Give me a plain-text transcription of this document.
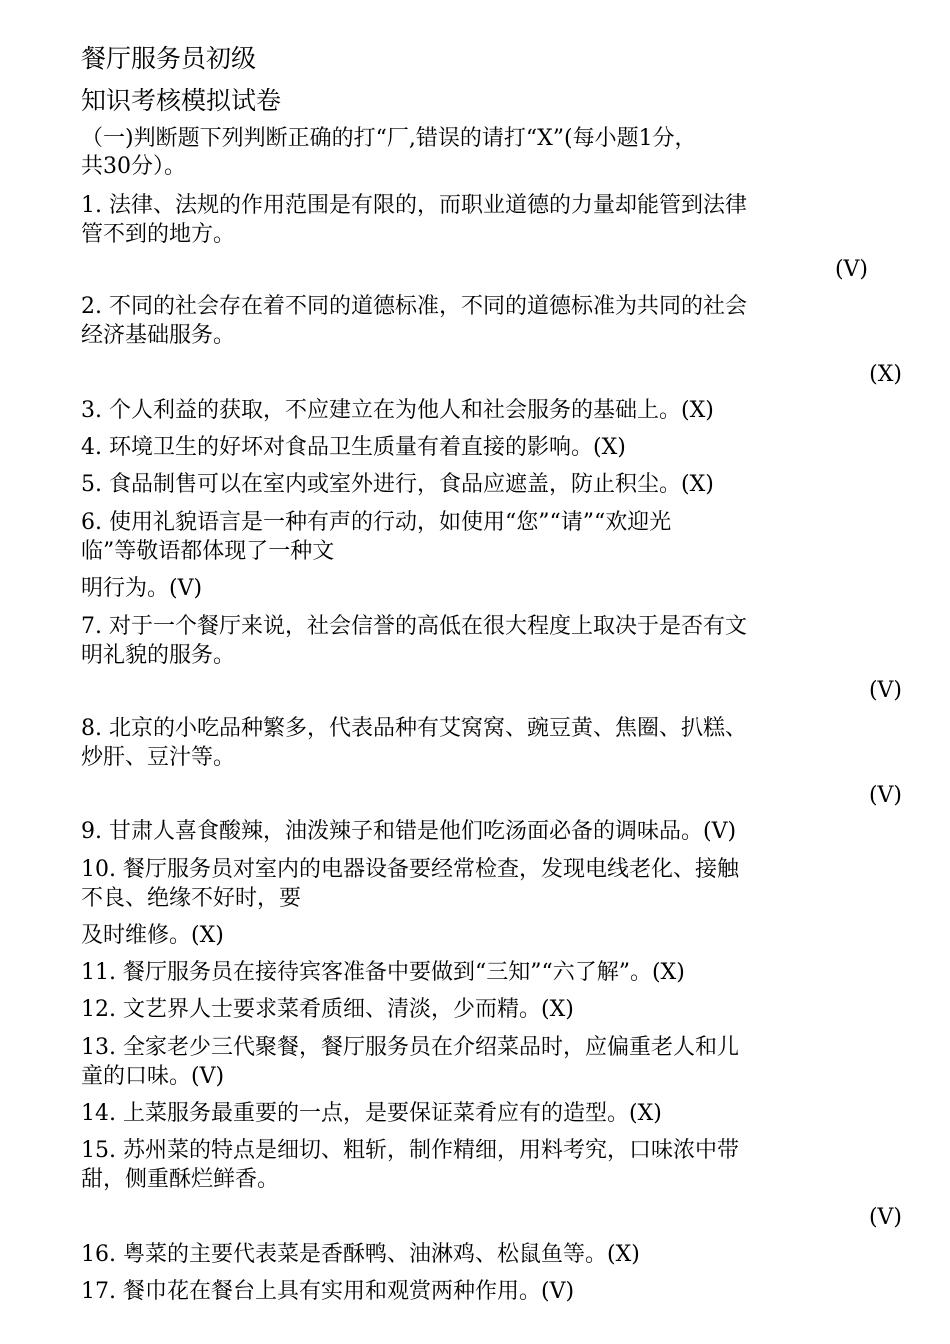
餐厅服务员初级
知识考核模拟试卷
（一)判断题下列判断正确的打“厂,错误的请打“X”(每小题1分，
共30分）。
1. 法律、法规的作用范围是有限的，而职业道德的力量却能管到法律
管不到的地方。
(V)
2. 不同的社会存在着不同的道德标准，不同的道德标准为共同的社会
经济基础服务。
(X)
3. 个人利益的获取，不应建立在为他人和社会服务的基础上。(X)
4. 环境卫生的好坏对食品卫生质量有着直接的影响。(X)
5. 食品制售可以在室内或室外进行，食品应遮盖，防止积尘。(X)
6. 使用礼貌语言是一种有声的行动，如使用“您”“请”“欢迎光
临”等敬语都体现了一种文
明行为。(V)
7. 对于一个餐厅来说，社会信誉的高低在很大程度上取决于是否有文
明礼貌的服务。
(V)
8. 北京的小吃品种繁多，代表品种有艾窝窝、豌豆黄、焦圈、扒糕、
炒肝、豆汁等。
(V)
9. 甘肃人喜食酸辣，油泼辣子和错是他们吃汤面必备的调味品。(V)
10. 餐厅服务员对室内的电器设备要经常检查，发现电线老化、接触
不良、绝缘不好时，要
及时维修。(X)
11. 餐厅服务员在接待宾客准备中要做到“三知”“六了解”。(X)
12. 文艺界人士要求菜肴质细、清淡，少而精。(X)
13. 全家老少三代聚餐，餐厅服务员在介绍菜品时，应偏重老人和儿
童的口味。(V)
14. 上菜服务最重要的一点，是要保证菜肴应有的造型。(X)
15. 苏州菜的特点是细切、粗斩，制作精细，用料考究，口味浓中带
甜，侧重酥烂鲜香。
(V)
16. 粤菜的主要代表菜是香酥鸭、油淋鸡、松鼠鱼等。(X)
17. 餐巾花在餐台上具有实用和观赏两种作用。(V)
